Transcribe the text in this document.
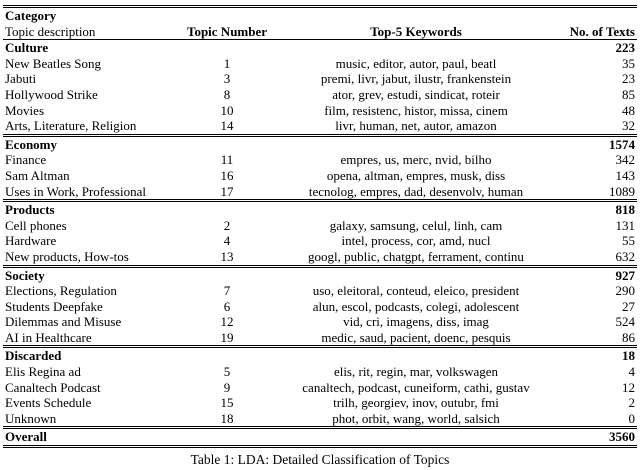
Category			
Topic description	Topic Number	Top-5 Keywords	No. of Texts
Culture			223
New Beatles Song	1	music, editor, autor, paul, beatl	35
Jabuti	3	premi, livr, jabut, ilustr, frankenstein	23
Hollywood Strike	8	ator, grev, estudi, sindicat, roteir	85
Movies	10	film, resistenc, histor, missa, cinem	48
Arts, Literature, Religion	14	livr, human, net, autor, amazon	32
Economy			1574
Finance	11	empres, us, merc, nvid, bilho	342
Sam Altman	16	opena, altman, empres, musk, diss	143
Uses in Work, Professional	17	tecnolog, empres, dad, desenvolv, human	1089
Products			818
Cell phones	2	galaxy, samsung, celul, linh, cam	131
Hardware	4	intel, process, cor, amd, nucl	55
New products, How-tos	13	googl, public, chatgpt, ferrament, continu	632
Society			927
Elections, Regulation	7	uso, eleitoral, conteud, eleico, president	290
Students Deepfake	6	alun, escol, podcasts, colegi, adolescent	27
Dilemmas and Misuse	12	vid, cri, imagens, diss, imag	524
AI in Healthcare	19	medic, saud, pacient, doenc, pesquis	86
Discarded			18
Elis Regina ad	5	elis, rit, regin, mar, volkswagen	4
Canaltech Podcast	9	canaltech, podcast, cuneiform, cathi, gustav	12
Events Schedule	15	trilh, georgiev, inov, outubr, fmi	2
Unknown	18	phot, orbit, wang, world, salsich	0
Overall			3560
Table 1: LDA: Detailed Classification of Topics
